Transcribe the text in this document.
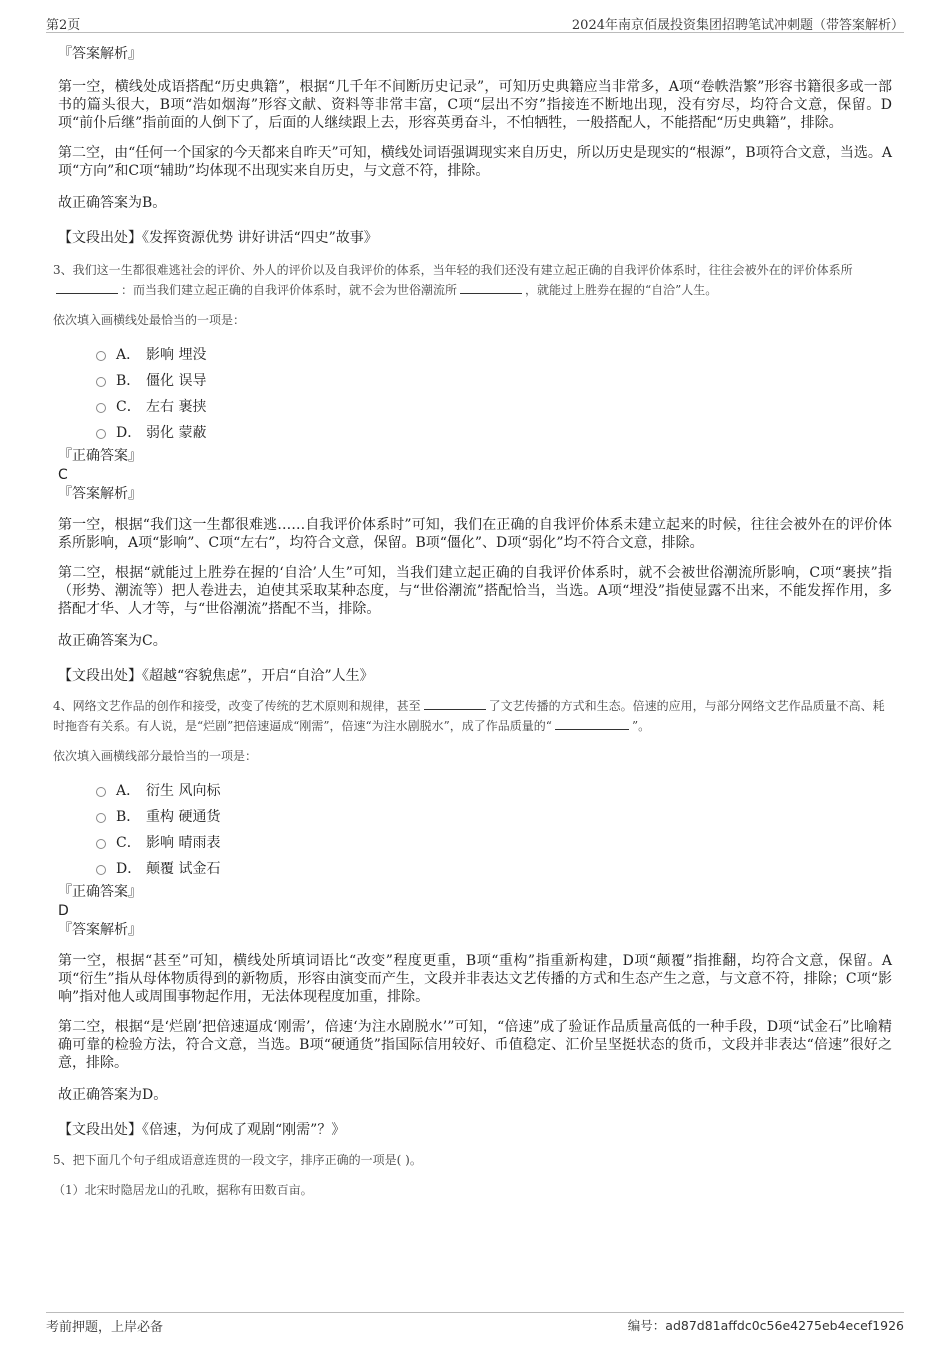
第2页	2024年南京佰晟投资集团招聘笔试冲刺题（带答案解析）

『答案解析』

第一空，横线处成语搭配“历史典籍”，根据“几千年不间断历史记录”，可知历史典籍应当非常多，A项“卷帙浩繁”形容书籍很多或一部书的篇头很大，B项“浩如烟海”形容文献、资料等非常丰富，C项“层出不穷”指接连不断地出现，没有穷尽，均符合文意，保留。D项“前仆后继”指前面的人倒下了，后面的人继续跟上去，形容英勇奋斗，不怕牺牲，一般搭配人，不能搭配“历史典籍”，排除。

第二空，由“任何一个国家的今天都来自昨天”可知，横线处词语强调现实来自历史，所以历史是现实的“根源”，B项符合文意，当选。A项“方向”和C项“辅助”均体现不出现实来自历史，与文意不符，排除。

故正确答案为B。

【文段出处】《发挥资源优势 讲好讲活“四史”故事》

3、我们这一生都很难逃社会的评价、外人的评价以及自我评价的体系，当年轻的我们还没有建立起正确的自我评价体系时，往往会被外在的评价体系所：而当我们建立起正确的自我评价体系时，就不会为世俗潮流所	，就能过上胜券在握的“自洽”人生。

依次填入画横线处最恰当的一项是：

A． 影响 埋没
B． 僵化 误导
C． 左右 裹挟
D． 弱化 蒙蔽

『正确答案』

C

『答案解析』

第一空，根据“我们这一生都很难逃……自我评价体系时”可知，我们在正确的自我评价体系未建立起来的时候，往往会被外在的评价体系所影响，A项“影响”、C项“左右”，均符合文意，保留。B项“僵化”、D项“弱化”均不符合文意，排除。

第二空，根据“就能过上胜券在握的‘自洽’人生”可知，当我们建立起正确的自我评价体系时，就不会被世俗潮流所影响，C项“裹挟”指（形势、潮流等）把人卷进去，迫使其采取某种态度，与“世俗潮流”搭配恰当，当选。A项“埋没”指使显露不出来，不能发挥作用，多搭配才华、人才等，与“世俗潮流”搭配不当，排除。

故正确答案为C。

【文段出处】《超越“容貌焦虑”，开启“自洽”人生》

4、网络文艺作品的创作和接受，改变了传统的艺术原则和规律，甚至	了文艺传播的方式和生态。倍速的应用，与部分网络文艺作品质量不高、耗时拖沓有关系。有人说，是“烂剧”把倍速逼成“刚需”，倍速“为注水剧脱水”，成了作品质量的“	”。

依次填入画横线部分最恰当的一项是：

A． 衍生 风向标
B． 重构 硬通货
C． 影响 晴雨表
D． 颠覆 试金石

『正确答案』

D

『答案解析』

第一空，根据“甚至”可知，横线处所填词语比“改变”程度更重，B项“重构”指重新构建，D项“颠覆”指推翻，均符合文意，保留。A项“衍生”指从母体物质得到的新物质，形容由演变而产生，文段并非表达文艺传播的方式和生态产生之意，与文意不符，排除；C项“影响”指对他人或周围事物起作用，无法体现程度加重，排除。

第二空，根据“是‘烂剧’把倍速逼成‘刚需’，倍速‘为注水剧脱水’”可知，“倍速”成了验证作品质量高低的一种手段，D项“试金石”比喻精确可靠的检验方法，符合文意，当选。B项“硬通货”指国际信用较好、币值稳定、汇价呈坚挺状态的货币，文段并非表达“倍速”很好之意，排除。

故正确答案为D。

【文段出处】《倍速，为何成了观剧“刚需”？》

5、把下面几个句子组成语意连贯的一段文字，排序正确的一项是( )。

（1）北宋时隐居龙山的孔畋，据称有田数百亩。

考前押题，上岸必备	编号：ad87d81affdc0c56e4275eb4ecef1926
